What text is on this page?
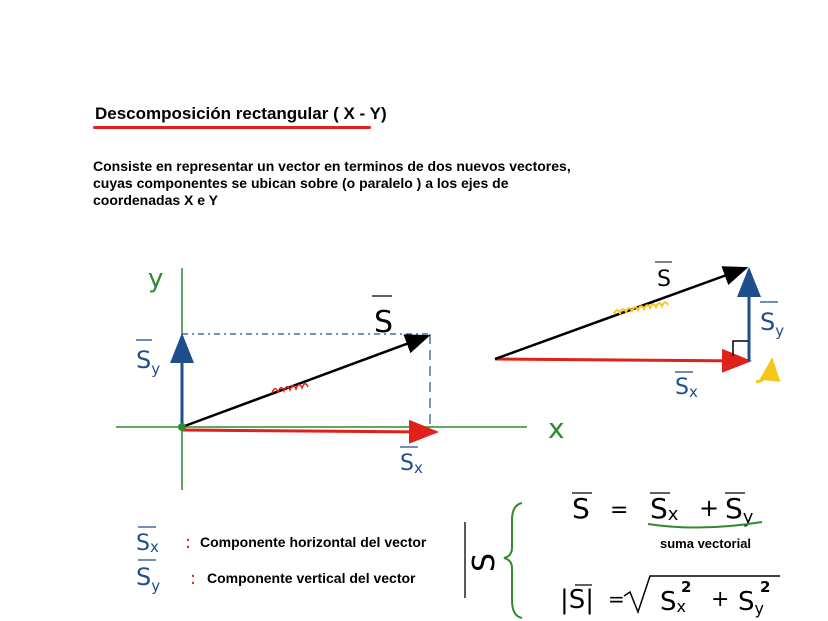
Descomposición rectangular ( X - Y)
Consiste en representar un vector en terminos de dos nuevos vectores,
cuyas componentes se ubican sobre (o paralelo ) a los ejes de
coordenadas X e Y
y
x
S
$S_y$
Sx
S
$S_y$
Sx
Sx :
$S_y$ :
S
S = Sx + Sy
|S| = Sx
2 + Sy
2
Componente horizontal del vector
Componente vertical del vector
suma vectorial
